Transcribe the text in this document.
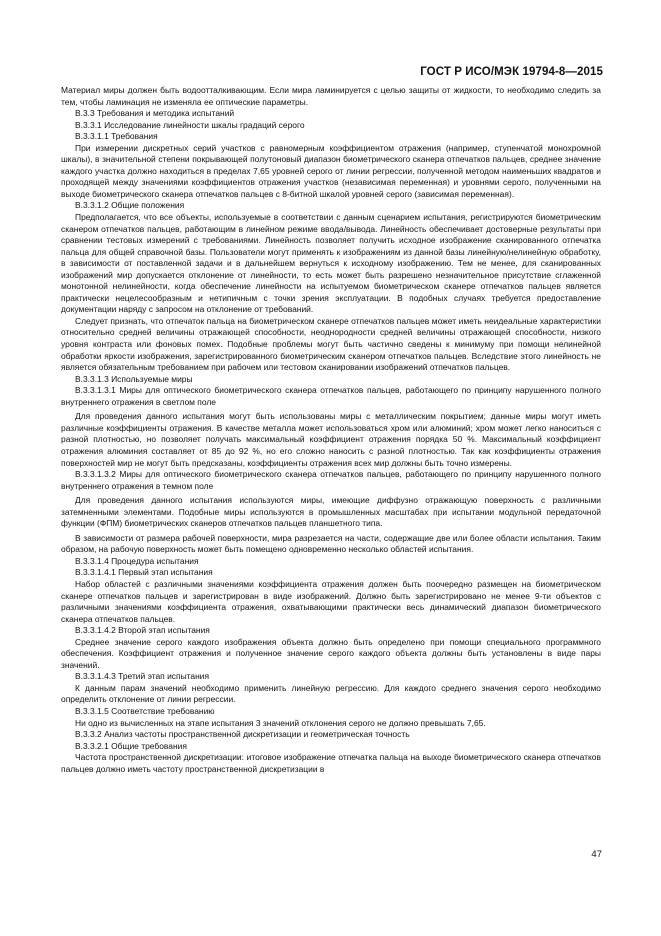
ГОСТ Р ИСО/МЭК 19794-8—2015

Материал миры должен быть водоотталкивающим. Если мира ламинируется с целью защиты от жидкости, то необходимо следить за тем, чтобы ламинация не изменяла ее оптические параметры.

В.3.3 Требования и методика испытаний

В.3.3.1 Исследование линейности шкалы градаций серого

В.3.3.1.1 Требования

При измерении дискретных серий участков с равномерным коэффициентом отражения (например, ступенчатой монохромной шкалы), в значительной степени покрывающей полутоновый диапазон биометрического сканера отпечатков пальцев, среднее значение каждого участка должно находиться в пределах 7,65 уровней серого от линии регрессии, полученной методом наименьших квадратов и проходящей между значениями коэффициентов отражения участков (независимая переменная) и уровнями серого, полученными на выходе биометрического сканера отпечатков пальцев с 8-битной шкалой уровней серого (зависимая переменная).

В.3.3.1.2 Общие положения

Предполагается, что все объекты, используемые в соответствии с данным сценарием испытания, регистрируются биометрическим сканером отпечатков пальцев, работающим в линейном режиме ввода/вывода. Линейность обеспечивает достоверные результаты при сравнении тестовых измерений с требованиями. Линейность позволяет получить исходное изображение сканированного отпечатка пальца для общей справочной базы. Пользователи могут применять к изображениям из данной базы линейную/нелинейную обработку, в зависимости от поставленной задачи и в дальнейшем вернуться к исходному изображению. Тем не менее, для сканированных изображений мир допускается отклонение от линейности, то есть может быть разрешено незначительное присутствие сглаженной монотонной нелинейности, когда обеспечение линейности на испытуемом биометрическом сканере отпечатков пальцев является практически нецелесообразным и нетипичным с точки зрения эксплуатации. В подобных случаях требуется предоставление документации наряду с запросом на отклонение от требований.

Следует признать, что отпечаток пальца на биометрическом сканере отпечатков пальцев может иметь неидеальные характеристики относительно средней величины отражающей способности, неоднородности средней величины отражающей способности, низкого уровня контраста или фоновых помех. Подобные проблемы могут быть частично сведены к минимуму при помощи нелинейной обработки яркости изображения, зарегистрированного биометрическим сканером отпечатков пальцев. Вследствие этого линейность не является обязательным требованием при рабочем или тестовом сканировании изображений отпечатков пальцев.

В.3.3.1.3 Используемые миры

В.3.3.1.3.1 Миры для оптического биометрического сканера отпечатков пальцев, работающего по принципу нарушенного полного внутреннего отражения в светлом поле

Для проведения данного испытания могут быть использованы миры с металлическим покрытием; данные миры могут иметь различные коэффициенты отражения. В качестве металла может использоваться хром или алюминий; хром может легко наноситься с разной плотностью, но позволяет получать максимальный коэффициент отражения порядка 50 %. Максимальный коэффициент отражения алюминия составляет от 85 до 92 %, но его сложно наносить с разной плотностью. Так как коэффициенты отражения поверхностей мир не могут быть предсказаны, коэффициенты отражения всех мир должны быть точно измерены.

В.3.3.1.3.2 Миры для оптического биометрического сканера отпечатков пальцев, работающего по принципу нарушенного полного внутреннего отражения в темном поле

Для проведения данного испытания используются миры, имеющие диффузно отражающую поверхность с различными затемненными элементами. Подобные миры используются в промышленных масштабах при испытании модульной передаточной функции (ФПМ) биометрических сканеров отпечатков пальцев планшетного типа.

В зависимости от размера рабочей поверхности, мира разрезается на части, содержащие две или более области испытания. Таким образом, на рабочую поверхность может быть помещено одновременно несколько областей испытания.

В.3.3.1.4 Процедура испытания

В.3.3.1.4.1 Первый этап испытания

Набор областей с различными значениями коэффициента отражения должен быть поочередно размещен на биометрическом сканере отпечатков пальцев и зарегистрирован в виде изображений. Должно быть зарегистрировано не менее 9-ти объектов с различными значениями коэффициента отражения, охватывающими практически весь динамический диапазон биометрического сканера отпечатков пальцев.

В.3.3.1.4.2 Второй этап испытания

Среднее значение серого каждого изображения объекта должно быть определено при помощи специального программного обеспечения. Коэффициент отражения и полученное значение серого каждого объекта должны быть установлены в виде пары значений.

В.3.3.1.4.3 Третий этап испытания

К данным парам значений необходимо применить линейную регрессию. Для каждого среднего значения серого необходимо определить отклонение от линии регрессии.

В.3.3.1.5 Соответствие требованию

Ни одно из вычисленных на этапе испытания 3 значений отклонения серого не должно превышать 7,65.

В.3.3.2 Анализ частоты пространственной дискретизации и геометрическая точность

В.3.3.2.1 Общие требования

Частота пространственной дискретизации: итоговое изображение отпечатка пальца на выходе биометрического сканера отпечатков пальцев должно иметь частоту пространственной дискретизации в

47
